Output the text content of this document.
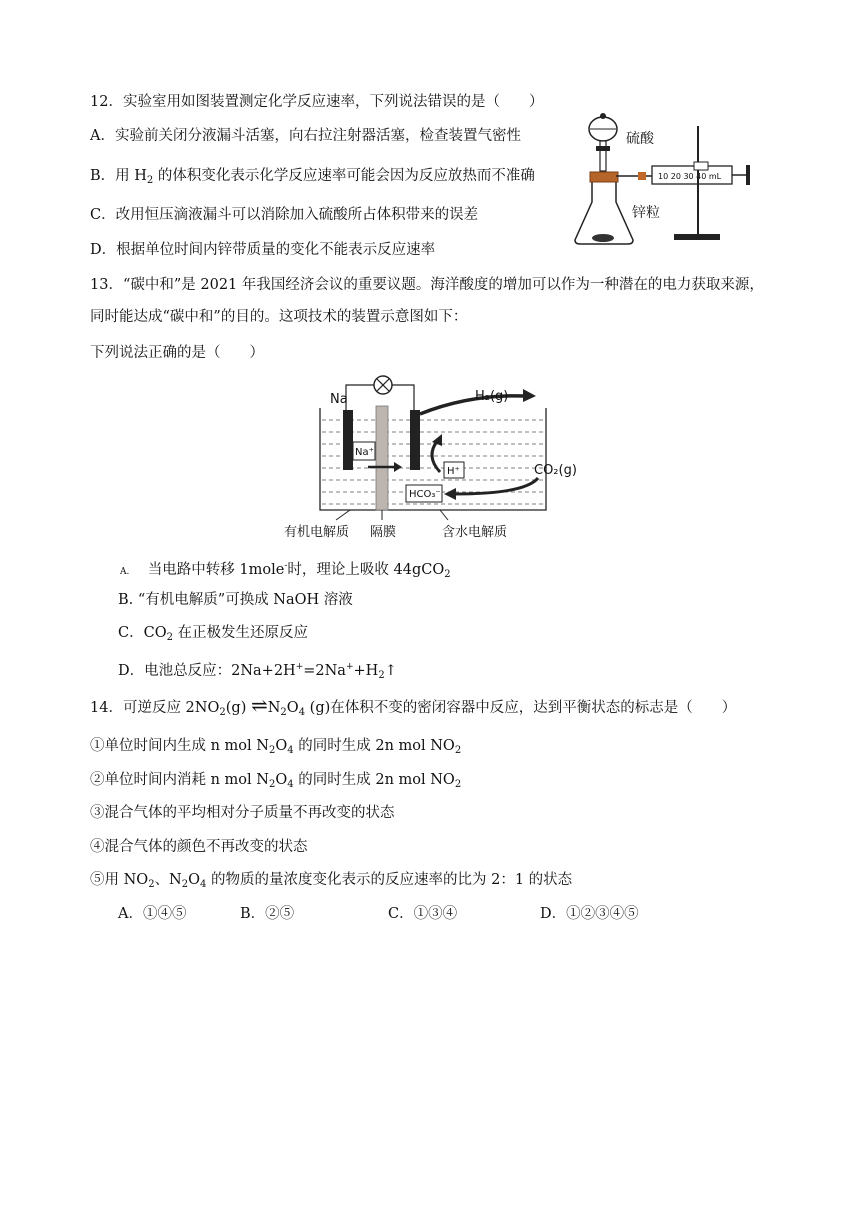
12．实验室用如图装置测定化学反应速率，下列说法错误的是（　　）
A．实验前关闭分液漏斗活塞，向右拉注射器活塞，检查装置气密性
B．用 $H_2$ 的体积变化表示化学反应速率可能会因为反应放热而不准确
C．改用恒压滴液漏斗可以消除加入硫酸所占体积带来的误差
D．根据单位时间内锌带质量的变化不能表示反应速率
硫酸
锌粒
10 20 30 40 mL
13．“碳中和”是 2021 年我国经济会议的重要议题。海洋酸度的增加可以作为一种潜在的电力获取来源，
同时能达成“碳中和”的目的。这项技术的装置示意图如下：
下列说法正确的是（　　）
Na
Na⁺
H⁺
H₂(g)
CO₂(g)
HCO₃⁻
有机电解质 隔膜	含水电解质
A. 当电路中转移 1mole-时，理论上吸收 44gCO$_2$
B. “有机电解质”可换成 NaOH 溶液
C．$CO_2$ 在正极发生还原反应
D．电池总反应：$2Na+2H^+=2Na^++H_2↑$
14．可逆反应 $2NO_2(g)$ $\rightleftharpoons N_2O_4$ (g)在体积不变的密闭容器中反应，达到平衡状态的标志是（　　）
①单位时间内生成 n mol $N_2O_4$ 的同时生成 2n mol $NO_2$
②单位时间内消耗 n mol $N_2O_4$ 的同时生成 2n mol $NO_2$
③混合气体的平均相对分子质量不再改变的状态
④混合气体的颜色不再改变的状态
⑤用 $NO_2$、$N_2O_4$ 的物质的量浓度变化表示的反应速率的比为 2：1 的状态
A．①④⑤	B．②⑤	C．①③④	D．①②③④⑤
